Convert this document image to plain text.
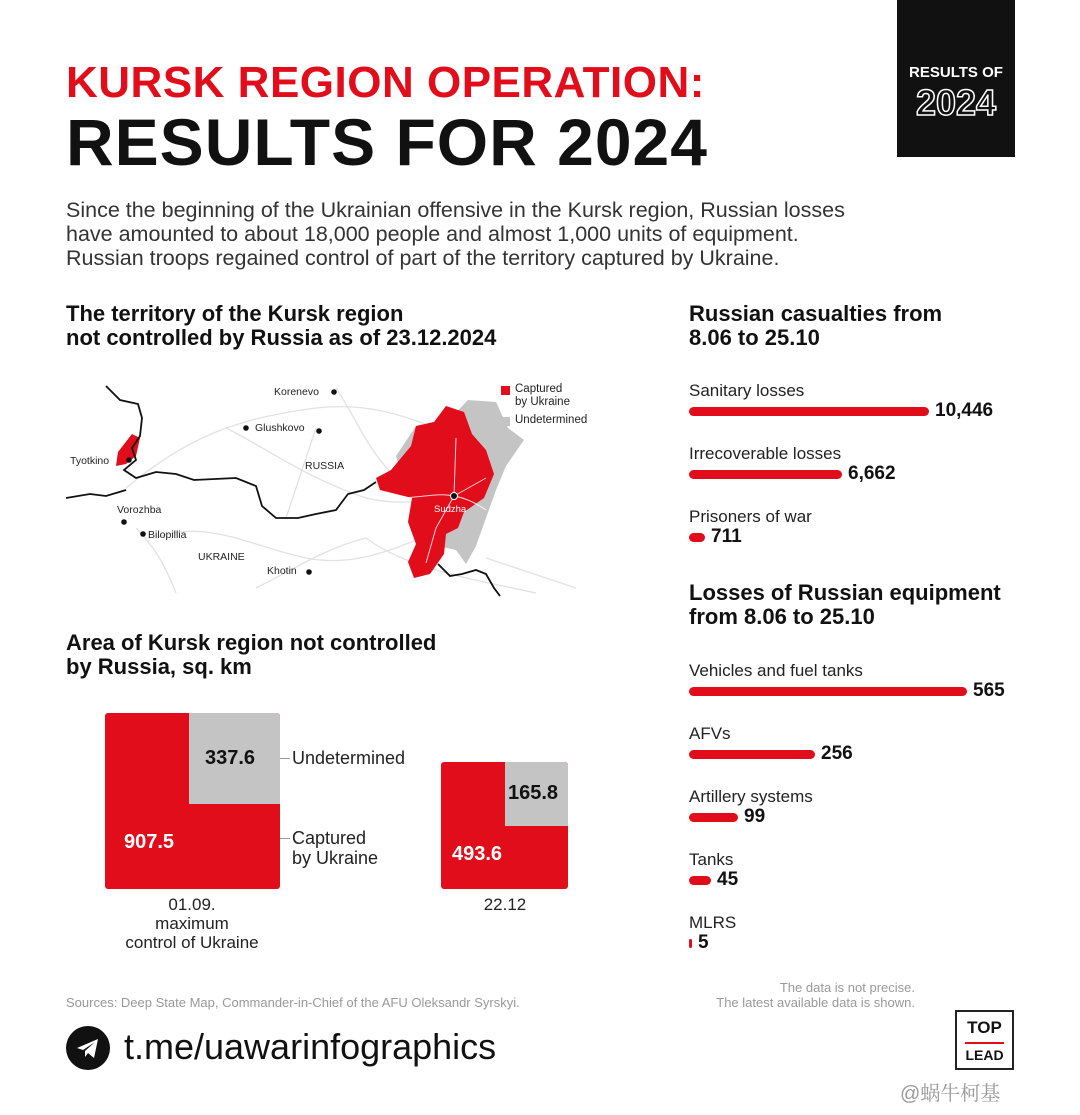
KURSK REGION OPERATION:
RESULTS FOR 2024
RESULTS OF
2024
Since the beginning of the Ukrainian offensive in the Kursk region, Russian losses
have amounted to about 18,000 people and almost 1,000 units of equipment.
Russian troops regained control of part of the territory captured by Ukraine.
The territory of the Kursk region
not controlled by Russia as of 23.12.2024
Korenevo
Glushkovo
Tyotkino	RUSSIA
Vorozhba
Bilopillia
UKRAINE
Khotin
Sudzha
Captured
by Ukraine
Undetermined
Area of Kursk region not controlled
by Russia, sq. km
337.6
907.5
Undetermined
Captured
by Ukraine
01.09.
maximum
control of Ukraine
165.8
493.6
22.12
Russian casualties from
8.06 to 25.10
Sanitary losses
10,446
Irrecoverable losses
6,662
Prisoners of war
711
Losses of Russian equipment
from 8.06 to 25.10
Vehicles and fuel tanks
565
AFVs
256
Artillery systems
99
Tanks
45
MLRS
5
Sources: Deep State Map, Commander-in-Chief of the AFU Oleksandr Syrskyi.
The data is not precise.
The latest available data is shown.
t.me/uawarinfographics	TOP
LEAD
@蜗牛柯基
